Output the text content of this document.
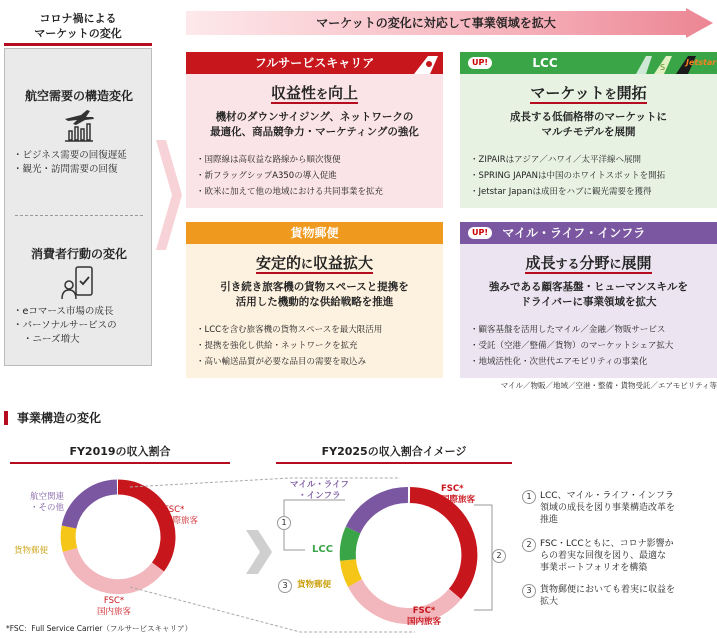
コロナ禍による
マーケットの変化
航空需要の構造変化
・ ビジネス需要の回復遅延
・ 観光・訪問需要の回復
消費者行動の変化
・ eコマース市場の成長
・ パーソナルサービスの
・ ニーズ増大
マーケットの変化に対応して事業領域を拡大
フルサービスキャリア
収益性を向上
機材のダウンサイジング、ネットワークの
最適化、商品競争力・マーケティングの強化
・ 国際線は高収益な路線から順次復便
・ 新フラッグシップA350の導入促進
・ 欧米に加えて他の地域における共同事業を拡充
UP!	LCC	S
Jetstar
マーケットを開拓
成長する低価格帯のマーケットに
マルチモデルを展開
・ ZIPAIRはアジア／ハワイ／太平洋線へ展開
・ SPRING JAPANは中国のホワイトスポットを開拓
・ Jetstar Japanは成田をハブに観光需要を獲得
貨物郵便
安定的に収益拡大
引き続き旅客機の貨物スペースと提携を
活用した機動的な供給戦略を推進
・ LCCを含む旅客機の貨物スペースを最大限活用
・ 提携を強化し供給・ネットワークを拡充
・ 高い輸送品質が必要な品目の需要を取込み
UP! マイル・ライフ・インフラ
成長する分野に展開
強みである顧客基盤・ヒューマンスキルを
ドライバーに事業領域を拡大
・ 顧客基盤を活用したマイル／金融／物販サービス
・ 受託（空港／整備／貨物）のマーケットシェア拡大
・ 地域活性化・次世代エアモビリティの事業化
マイル／物販／地域／空港・整備・貨物受託／エアモビリティ等
事業構造の変化
FY2019の収入割合	FY2025の収入割合イメージ
航空関連
・その他
貨物郵便
FSC*
国際旅客
FSC*
国内旅客
マイル・ライフ
・インフラ
1
LCC
3	貨物郵便
FSC*
国際旅客
2
FSC*
国内旅客
1 LCC、マイル・ライフ・インフラ
領域の成長を図り事業構造改革を
推進
2 FSC・LCCともに、コロナ影響か
らの着実な回復を図り、最適な
事業ポートフォリオを構築
3 貨物郵便においても着実に収益を
拡大
*FSC：Full Service Carrier（フルサービスキャリア）
